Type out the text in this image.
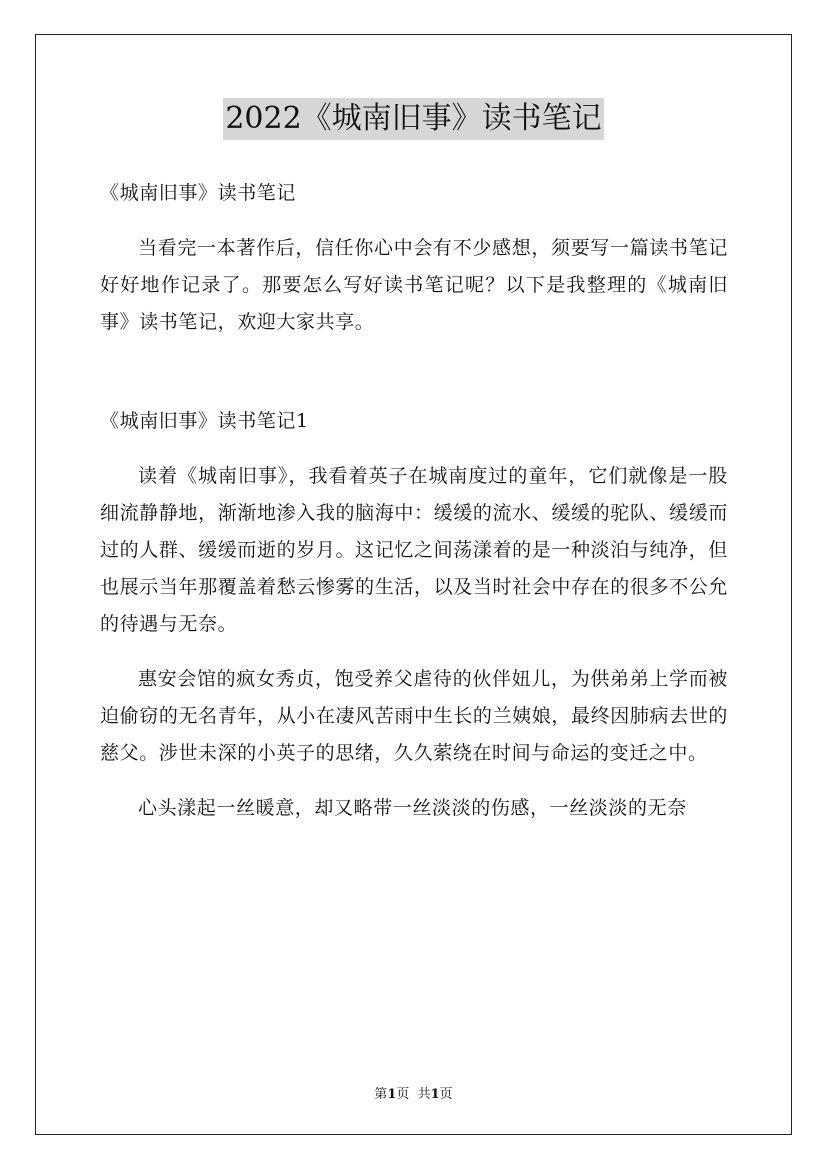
2022《城南旧事》读书笔记

《城南旧事》读书笔记

当看完一本著作后，信任你心中会有不少感想，须要写一篇读书笔记好好地作记录了。那要怎么写好读书笔记呢？以下是我整理的《城南旧事》读书笔记，欢迎大家共享。

《城南旧事》读书笔记1

读着《城南旧事》，我看着英子在城南度过的童年，它们就像是一股细流静静地，渐渐地渗入我的脑海中：缓缓的流水、缓缓的驼队、缓缓而过的人群、缓缓而逝的岁月。这记忆之间荡漾着的是一种淡泊与纯净，但也展示当年那覆盖着愁云惨雾的生活，以及当时社会中存在的很多不公允的待遇与无奈。

惠安会馆的疯女秀贞，饱受养父虐待的伙伴妞儿，为供弟弟上学而被迫偷窃的无名青年，从小在凄风苦雨中生长的兰姨娘，最终因肺病去世的慈父。涉世未深的小英子的思绪，久久萦绕在时间与命运的变迁之中。

心头漾起一丝暖意，却又略带一丝淡淡的伤感，一丝淡淡的无奈

第1页  共1页
